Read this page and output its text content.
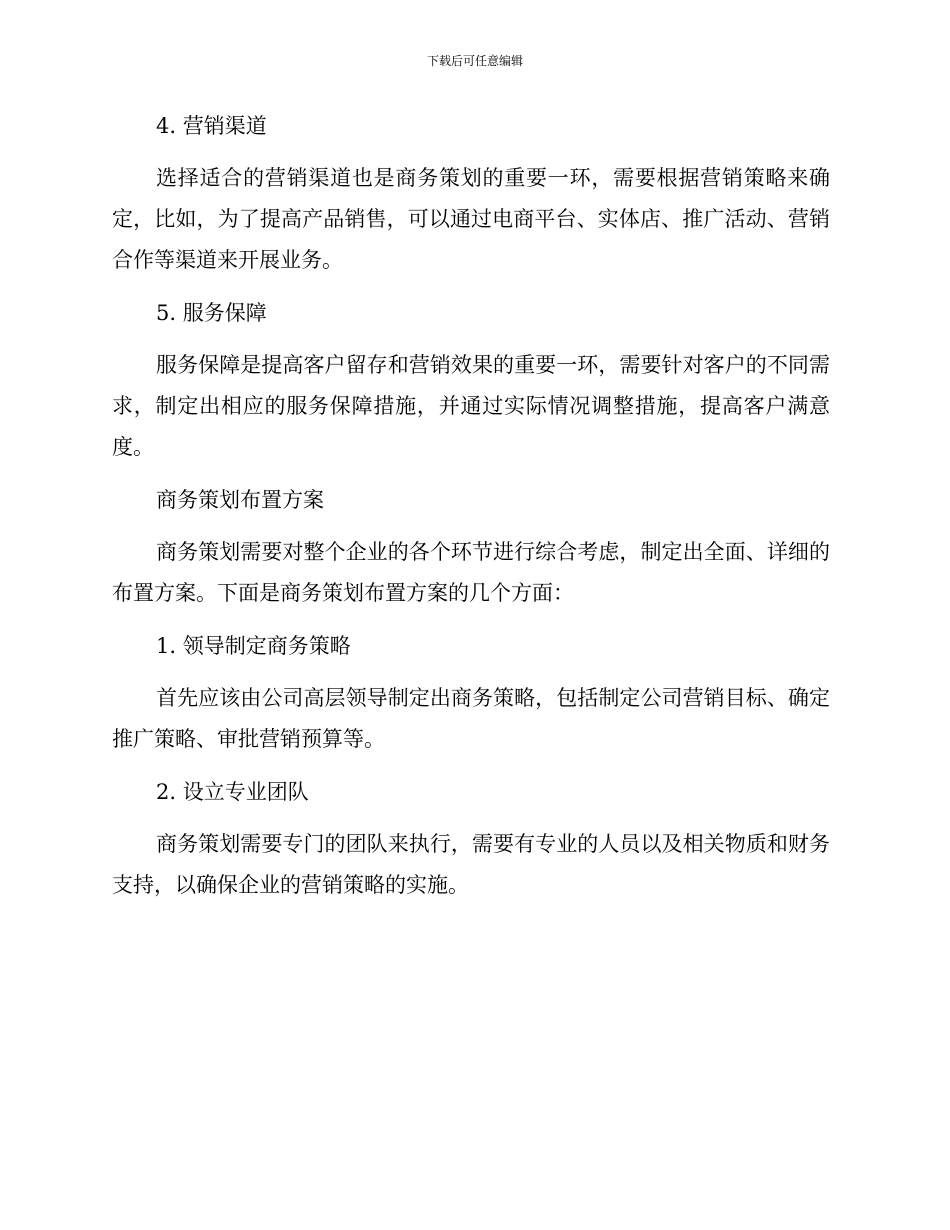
下载后可任意编辑
4. 营销渠道

选择适合的营销渠道也是商务策划的重要一环，需要根据营销策略来确定，比如，为了提高产品销售，可以通过电商平台、实体店、推广活动、营销合作等渠道来开展业务。

5. 服务保障

服务保障是提高客户留存和营销效果的重要一环，需要针对客户的不同需求，制定出相应的服务保障措施，并通过实际情况调整措施，提高客户满意度。

商务策划布置方案

商务策划需要对整个企业的各个环节进行综合考虑，制定出全面、详细的布置方案。下面是商务策划布置方案的几个方面：

1. 领导制定商务策略

首先应该由公司高层领导制定出商务策略，包括制定公司营销目标、确定推广策略、审批营销预算等。

2. 设立专业团队

商务策划需要专门的团队来执行，需要有专业的人员以及相关物质和财务支持，以确保企业的营销策略的实施。
